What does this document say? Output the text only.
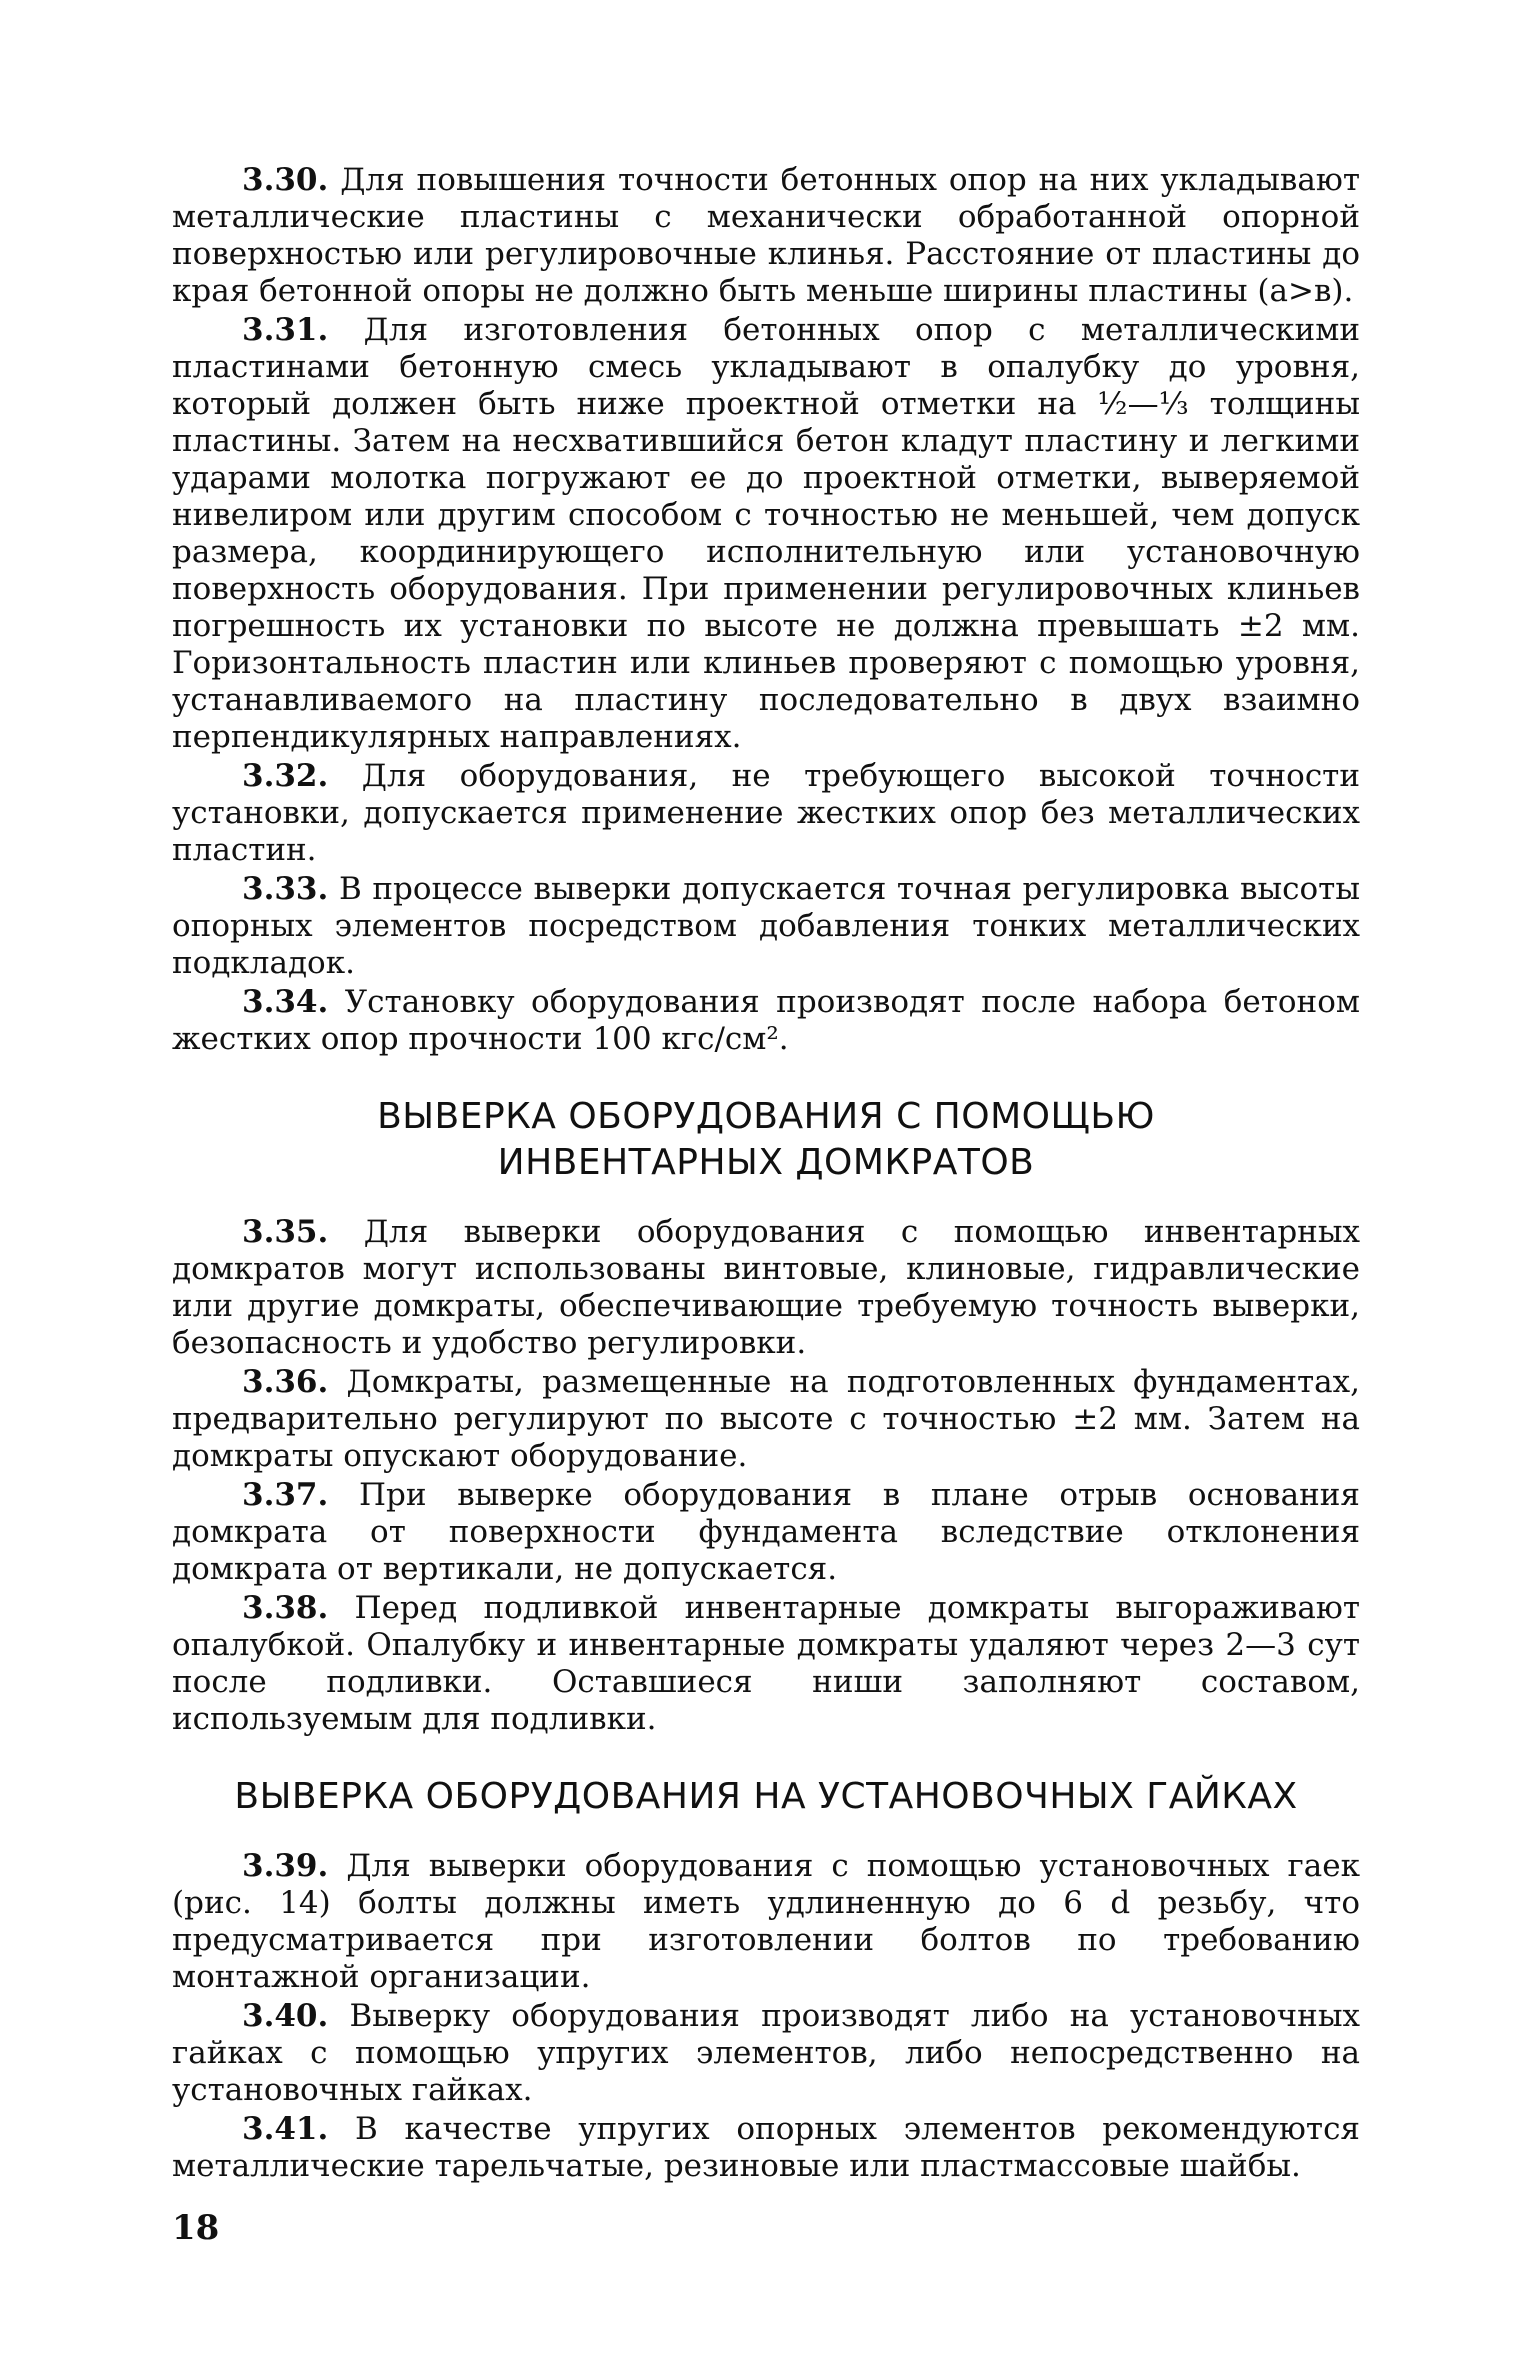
3.30. Для повышения точности бетонных опор на них укладывают металлические пластины с механически обработанной опорной поверхностью или регулировочные клинья. Расстояние от пластины до края бетонной опоры не должно быть меньше ширины пластины (а>в).

3.31. Для изготовления бетонных опор с металлическими пластинами бетонную смесь укладывают в опалубку до уровня, который должен быть ниже проектной отметки на ½—⅓ толщины пластины. Затем на несхватившийся бетон кладут пластину и легкими ударами молотка погружают ее до проектной отметки, выверяемой нивелиром или другим способом с точностью не меньшей, чем допуск размера, координирующего исполнительную или установочную поверхность оборудования. При применении регулировочных клиньев погрешность их установки по высоте не должна превышать ±2 мм. Горизонтальность пластин или клиньев проверяют с помощью уровня, устанавливаемого на пластину последовательно в двух взаимно перпендикулярных направлениях.

3.32. Для оборудования, не требующего высокой точности установки, допускается применение жестких опор без металлических пластин.

3.33. В процессе выверки допускается точная регулировка высоты опорных элементов посредством добавления тонких металлических подкладок.

3.34. Установку оборудования производят после набора бетоном жестких опор прочности 100 кгс/см².

ВЫВЕРКА ОБОРУДОВАНИЯ С ПОМОЩЬЮ

ИНВЕНТАРНЫХ ДОМКРАТОВ

3.35. Для выверки оборудования с помощью инвентарных домкратов могут использованы винтовые, клиновые, гидравлические или другие домкраты, обеспечивающие требуемую точность выверки, безопасность и удобство регулировки.

3.36. Домкраты, размещенные на подготовленных фундаментах, предварительно регулируют по высоте с точностью ±2 мм. Затем на домкраты опускают оборудование.

3.37. При выверке оборудования в плане отрыв основания домкрата от поверхности фундамента вследствие отклонения домкрата от вертикали, не допускается.

3.38. Перед подливкой инвентарные домкраты выгораживают опалубкой. Опалубку и инвентарные домкраты удаляют через 2—3 сут после подливки. Оставшиеся ниши заполняют составом, используемым для подливки.

ВЫВЕРКА ОБОРУДОВАНИЯ НА УСТАНОВОЧНЫХ ГАЙКАХ

3.39. Для выверки оборудования с помощью установочных гаек (рис. 14) болты должны иметь удлиненную до 6 d резьбу, что предусматривается при изготовлении болтов по требованию монтажной организации.

3.40. Выверку оборудования производят либо на установочных гайках с помощью упругих элементов, либо непосредственно на установочных гайках.

3.41. В качестве упругих опорных элементов рекомендуются металлические тарельчатые, резиновые или пластмассовые шайбы.

18
